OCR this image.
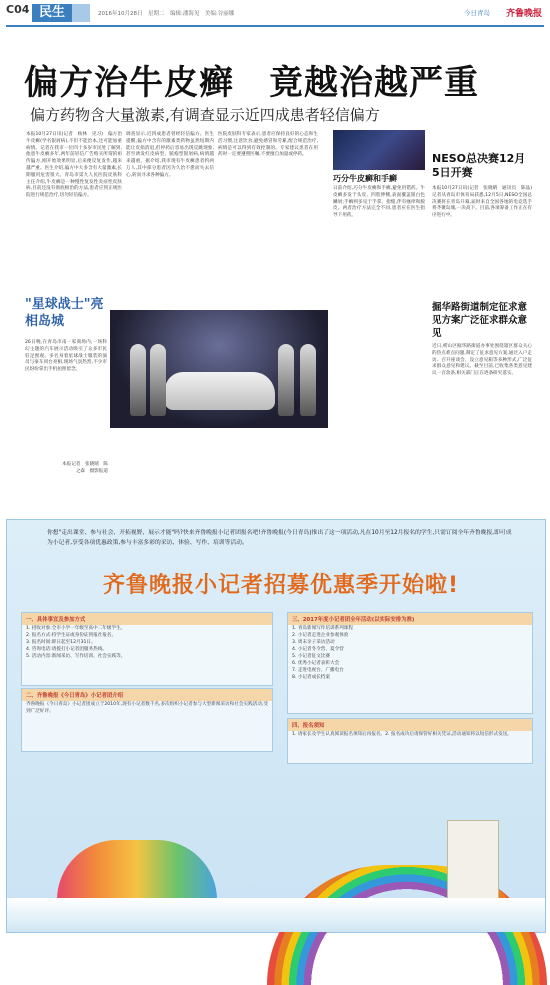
C04 民生	2016年10月28日　星期二　编辑:潘海见　美编:谷丽娜	今日青岛 齐鲁晚报
偏方治牛皮癣　竟越治越严重
偏方药物含大量激素,有调查显示近四成患者轻信偏方
本报10月27日讯(记者　杨林　见习)　偏方治牛皮癣(学名银屑病),不但不能治本,还可能加重病情。记者在我市一位四十多岁市民处了解到,他患牛皮癣多年,两年前轻信广告购买所谓的祖传偏方,刚开始效果明显,后来便反复发作,越来越严重。医生介绍,偏方中大多含有大量激素,长期服用危害很大。青岛市第九人民医院皮肤科主任介绍,牛皮癣是一种慢性复发性炎症性皮肤病,目前还没有彻底根治的方法,患者应到正规医院进行规范治疗,切勿轻信偏方。
调查显示,近四成患者曾经轻信偏方。医生提醒,偏方中含有的激素类药物虽然短期内能让皮损消退,但停药后容易出现反跳现象,甚至诱发红皮病型、脓疱型银屑病,病情越来越重。据介绍,我市现有牛皮癣患者约两万人,其中部分患者因为久治不愈而失去信心,转而寻求各种偏方。
医院皮肤科专家表示,患者应保持良好的心态和生活习惯,注意饮食,避免感冒和劳累,配合规范治疗,病情是可以得到有效控制的。专家建议患者在用药时一定要遵照医嘱,不要擅自加量或停药。
巧分牛皮癣和手癣
日前介绍,巧分牛皮癣和手癣,避免用错药。牛皮癣多发于头皮、四肢伸侧,表面覆盖银白色鳞屑;手癣则多见于手掌、指缝,伴有瘙痒和脱皮。两者治疗方法完全不同,患者应在医生指导下用药。
NESO总决赛12月5日开赛
本报10月27日讯(记者　张晓晴　通讯员　陈晶)　记者从青岛市体育局获悉,12月5日,NESO全国总决赛将在青岛开幕,届时来自全国各地的电竞选手将齐聚岛城,一决高下。目前,各项筹备工作正在有序进行中。
"星球战士"亮相岛城
26日晚,在青岛市南一家商场内,一场科幻主题的汽车展示活动吸引了众多市民驻足围观。多名身着星球战士服装的演员与豪车同台亮相,现场气氛热烈,不少市民纷纷拿出手机拍照留念。
本报记者　张晓晴　陈之森　摄影报道
掘华路街道制定征求意见方案广泛征求群众意见
近日,崂山区掘华路街道办事处围绕辖区群众关心的热点难点问题,制定了征求意见方案,通过入户走访、召开座谈会、设立意见箱等多种形式,广泛征求群众意见和建议。截至目前,已收集各类意见建议一百余条,相关部门正在逐条研究落实。
你想"走出课堂、参与社会、开拓视野、展示才能"吗?快来齐鲁晚报小记者团报名吧!齐鲁晚报(今日青岛)推出了这一项活动,凡在10月至12月报名的学生,只需订阅全年齐鲁晚报,即可成为小记者,享受各项优惠政策,参与丰富多彩的采访、体验、写作、培训等活动。
齐鲁晚报小记者招募优惠季开始啦!
一、具体事宜及参加方式
1. 招收对象:全市小学一年级至高中二年级学生。
2. 报名方式:持学生证或身份证到报社报名。
3. 报名时间:即日起至12月31日。
4. 咨询电话:请拨打小记者团服务热线。
5. 活动内容:新闻采访、写作培训、社会实践等。
二、齐鲁晚报《今日青岛》小记者团介绍
齐鲁晚报《今日青岛》小记者团成立于2010年,现有小记者数千名,多次组织小记者参与大型新闻采访和社会实践活动,受到广泛好评。
三、2017年度小记者团全年活动(以实际安排为准)
1. 青岛新闻写作培训系列课程
2. 小记者走进企业参观体验
3. 周末亲子采访活动
4. 小记者冬令营、夏令营
5. 小记者征文比赛
6. 优秀小记者表彰大会
7. 走进电视台、广播电台
8. 小记者成长档案
四、报名须知
1. 请家长及学生认真阅读报名须知后再报名。2. 报名成功后请保管好相关凭证,活动通知将以短信形式发送。
